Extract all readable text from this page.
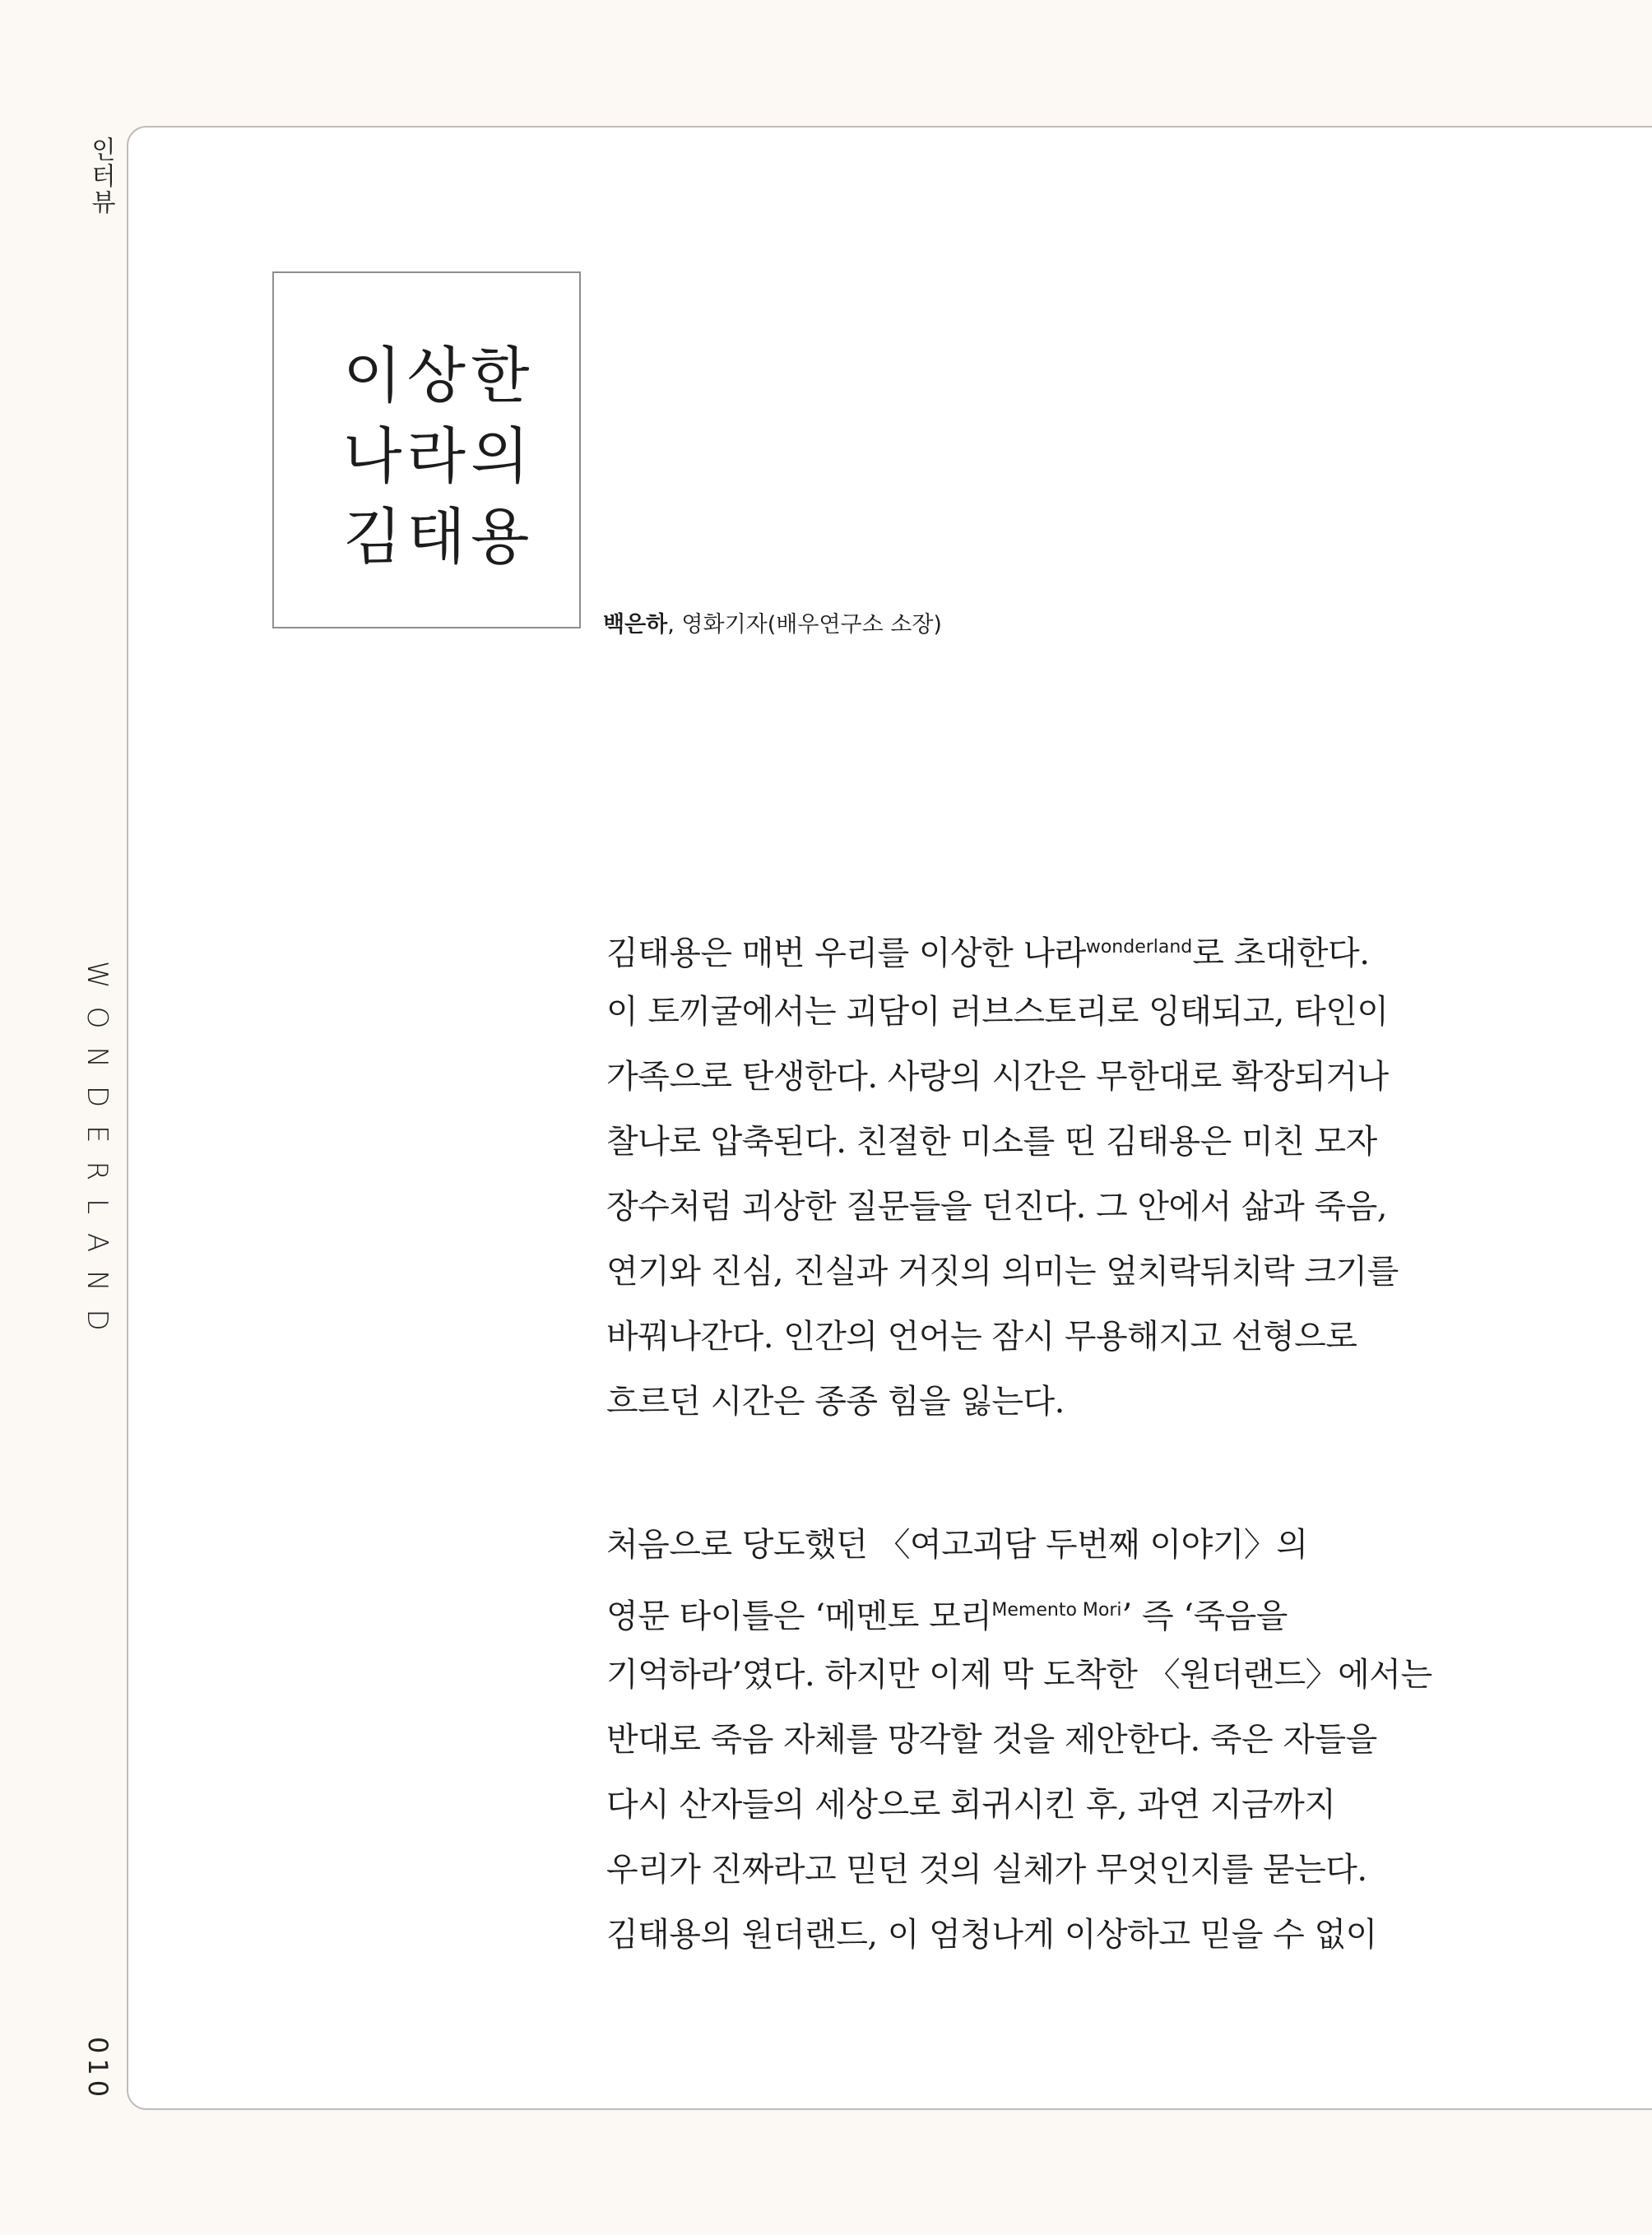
인터뷰
WONDERLAND
010
이상한
나라의
김태용
백은하, 영화기자(배우연구소 소장)
김태용은 매번 우리를 이상한 나라$^{wonderland}$로 초대한다.
이 토끼굴에서는 괴담이 러브스토리로 잉태되고, 타인이
가족으로 탄생한다. 사랑의 시간은 무한대로 확장되거나
찰나로 압축된다. 친절한 미소를 띤 김태용은 미친 모자
장수처럼 괴상한 질문들을 던진다. 그 안에서 삶과 죽음,
연기와 진심, 진실과 거짓의 의미는 엎치락뒤치락 크기를
바꿔나간다. 인간의 언어는 잠시 무용해지고 선형으로
흐르던 시간은 종종 힘을 잃는다.
처음으로 당도했던 〈여고괴담 두번째 이야기〉의
영문 타이틀은 ‘메멘토 모리$^{Memento Mori}$’ 즉 ‘죽음을
기억하라’였다. 하지만 이제 막 도착한 〈원더랜드〉에서는
반대로 죽음 자체를 망각할 것을 제안한다. 죽은 자들을
다시 산자들의 세상으로 회귀시킨 후, 과연 지금까지
우리가 진짜라고 믿던 것의 실체가 무엇인지를 묻는다.
김태용의 원더랜드, 이 엄청나게 이상하고 믿을 수 없이
